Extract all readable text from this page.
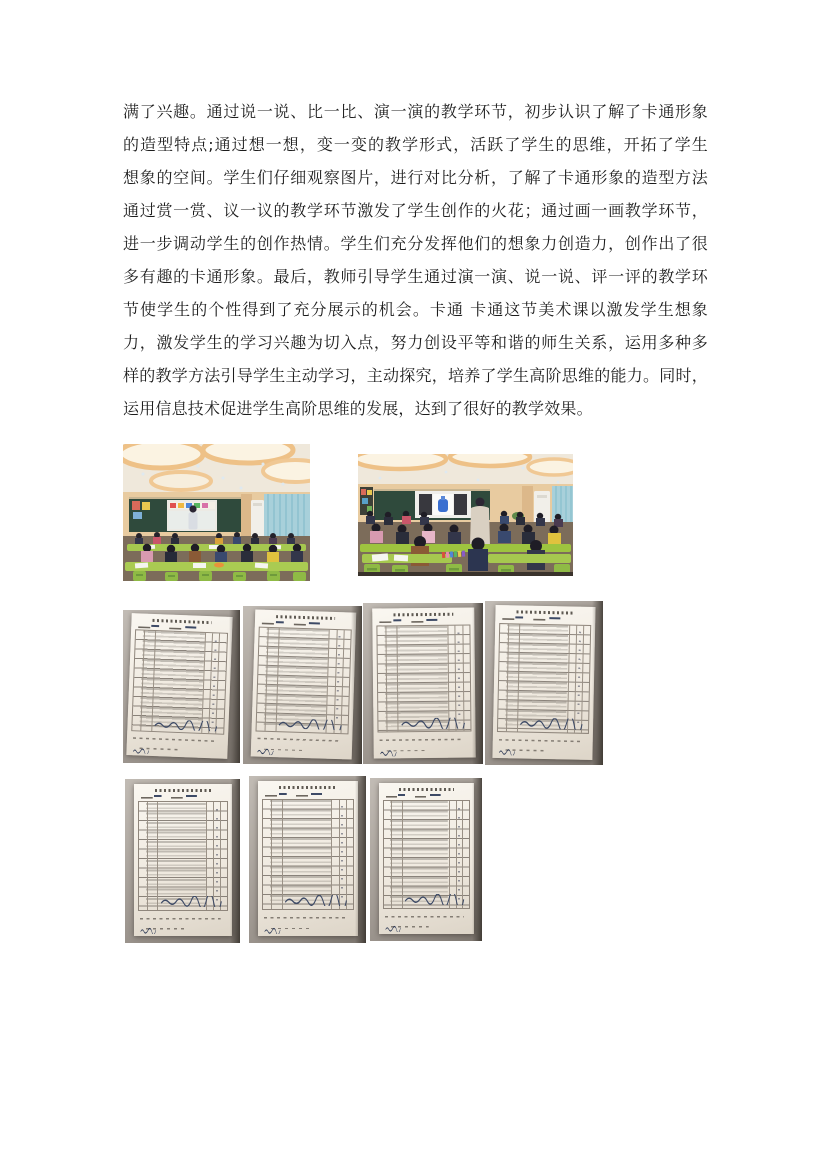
满了兴趣。通过说一说、比一比、演一演的教学环节，初步认识了解了卡通形象
的造型特点;通过想一想，变一变的教学形式，活跃了学生的思维，开拓了学生
想象的空间。学生们仔细观察图片，进行对比分析，了解了卡通形象的造型方法
通过赏一赏、议一议的教学环节激发了学生创作的火花；通过画一画教学环节，
进一步调动学生的创作热情。学生们充分发挥他们的想象力创造力，创作出了很
多有趣的卡通形象。最后，教师引导学生通过演一演、说一说、评一评的教学环
节使学生的个性得到了充分展示的机会。卡通 卡通这节美术课以激发学生想象
力，激发学生的学习兴趣为切入点，努力创设平等和谐的师生关系，运用多种多
样的教学方法引导学生主动学习，主动探究，培养了学生高阶思维的能力。同时，
运用信息技术促进学生高阶思维的发展，达到了很好的教学效果。
